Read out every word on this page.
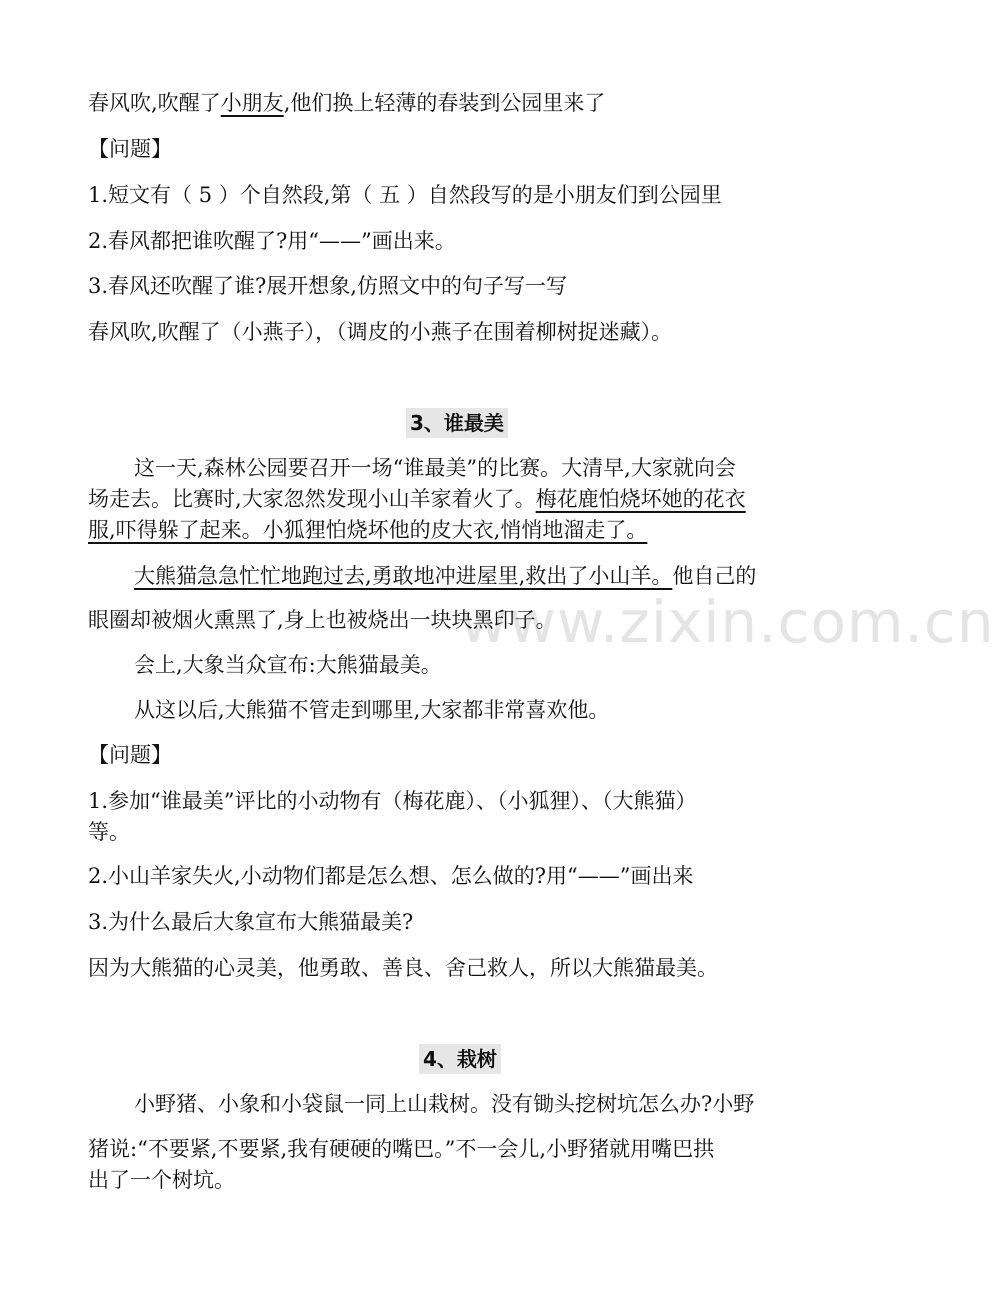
www.zixin.com.cn
春风吹,吹醒了小朋友,他们换上轻薄的春装到公园里来了
【问题】
1.短文有（ 5 ）个自然段,第（ 五 ）自然段写的是小朋友们到公园里
2.春风都把谁吹醒了?用“——”画出来。
3.春风还吹醒了谁?展开想象,仿照文中的句子写一写
春风吹,吹醒了（小燕子），（调皮的小燕子在围着柳树捉迷藏）。
3、谁最美
这一天,森林公园要召开一场“谁最美”的比赛。大清早,大家就向会
场走去。比赛时,大家忽然发现小山羊家着火了。梅花鹿怕烧坏她的花衣
服,吓得躲了起来。小狐狸怕烧坏他的皮大衣,悄悄地溜走了。
大熊猫急急忙忙地跑过去,勇敢地冲进屋里,救出了小山羊。他自己的
眼圈却被烟火熏黑了,身上也被烧出一块块黑印子。
会上,大象当众宣布:大熊猫最美。
从这以后,大熊猫不管走到哪里,大家都非常喜欢他。
【问题】
1.参加“谁最美”评比的小动物有（梅花鹿）、（小狐狸）、（大熊猫）
等。
2.小山羊家失火,小动物们都是怎么想、怎么做的?用“——”画出来
3.为什么最后大象宣布大熊猫最美?
因为大熊猫的心灵美，他勇敢、善良、舍己救人，所以大熊猫最美。
4、栽树
小野猪、小象和小袋鼠一同上山栽树。没有锄头挖树坑怎么办?小野
猪说:“不要紧,不要紧,我有硬硬的嘴巴。”不一会儿,小野猪就用嘴巴拱
出了一个树坑。
